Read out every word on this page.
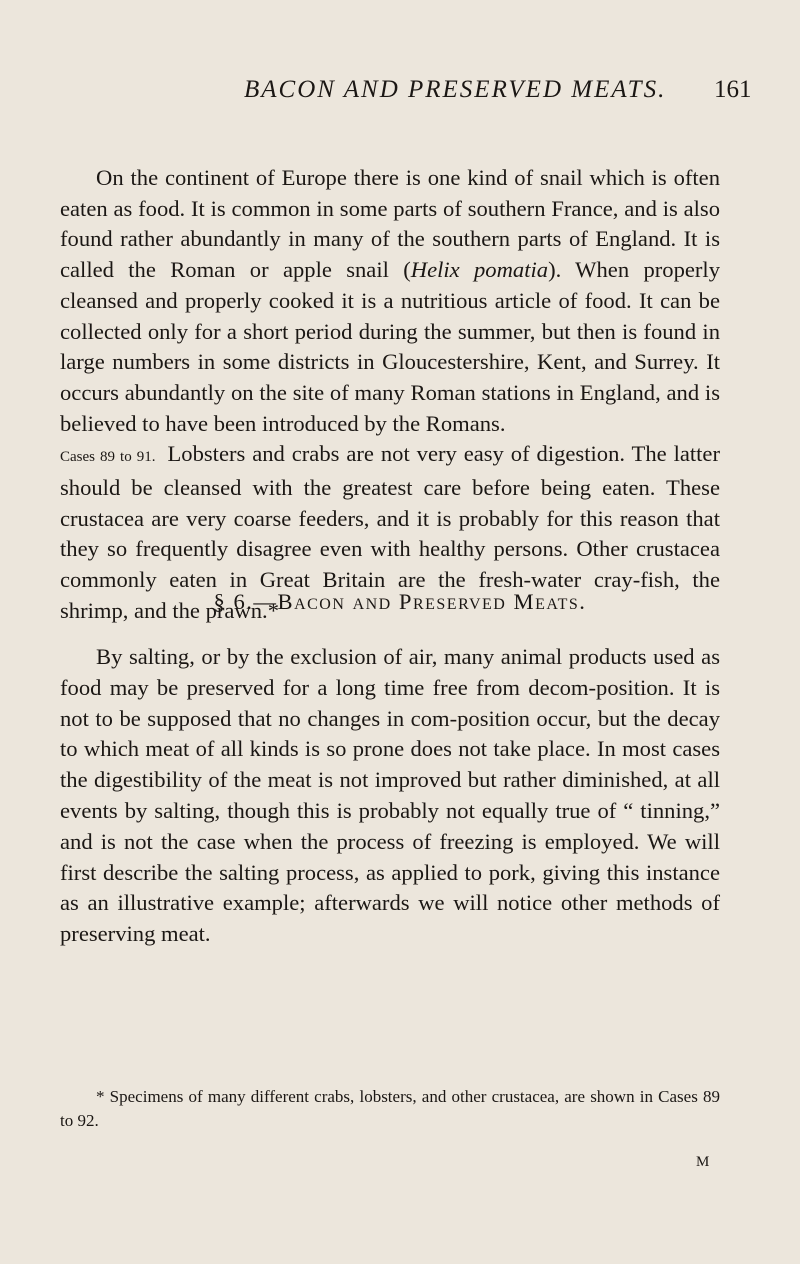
BACON AND PRESERVED MEATS. 161

On the continent of Europe there is one kind of snail which is often eaten as food. It is common in some parts of southern France, and is also found rather abundantly in many of the southern parts of England. It is called the Roman or apple snail (Helix pomatia). When properly cleansed and properly cooked it is a nutritious article of food. It can be collected only for a short period during the summer, but then is found in large numbers in some districts in Gloucestershire, Kent, and Surrey. It occurs abundantly on the site of many Roman stations in England, and is believed to have been introduced by the Romans.

Cases 89 to 91. Lobsters and crabs are not very easy of digestion. The latter should be cleansed with the greatest care before being eaten. These crustacea are very coarse feeders, and it is probably for this reason that they so frequently disagree even with healthy persons. Other crustacea commonly eaten in Great Britain are the fresh-water cray-fish, the shrimp, and the prawn.*

§ 6.—Bacon and Preserved Meats.

By salting, or by the exclusion of air, many animal products used as food may be preserved for a long time free from decom-position. It is not to be supposed that no changes in com-position occur, but the decay to which meat of all kinds is so prone does not take place. In most cases the digestibility of the meat is not improved but rather diminished, at all events by salting, though this is probably not equally true of “ tinning,” and is not the case when the process of freezing is employed. We will first describe the salting process, as applied to pork, giving this instance as an illustrative example; afterwards we will notice other methods of preserving meat.

* Specimens of many different crabs, lobsters, and other crustacea, are shown in Cases 89 to 92.

M
